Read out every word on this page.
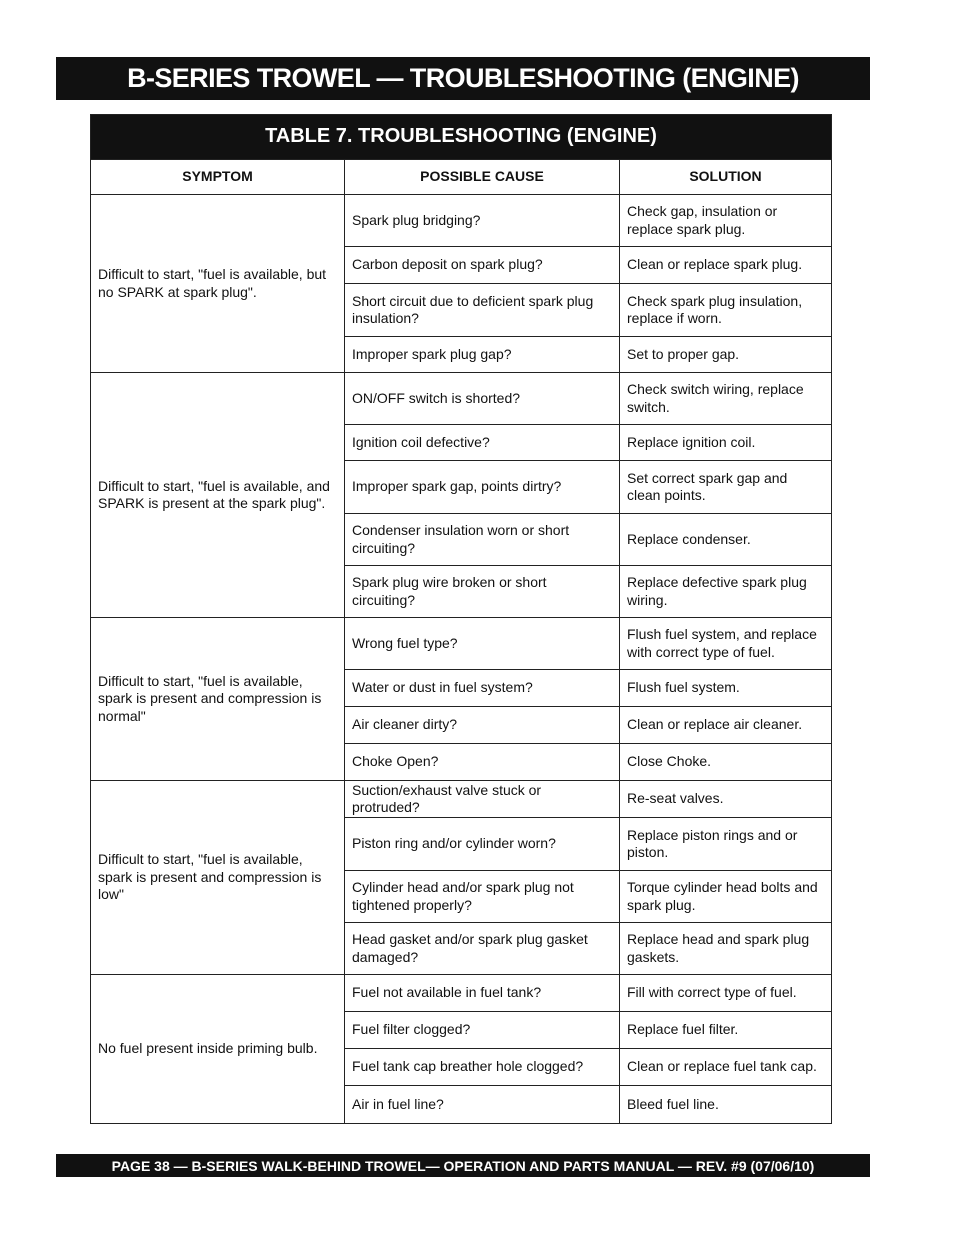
B-SERIES TROWEL — TROUBLESHOOTING (ENGINE)
TABLE 7. TROUBLESHOOTING (ENGINE)		
SYMPTOM	POSSIBLE CAUSE	SOLUTION
Difficult to start, "fuel is available, but no SPARK at spark plug".	Spark plug bridging?	Check gap, insulation or replace spark plug.
	Carbon deposit on spark plug?	Clean or replace spark plug.
	Short circuit due to deficient spark plug insulation?	Check spark plug insulation, replace if worn.
	Improper spark plug gap?	Set to proper gap.
Difficult to start, "fuel is available, and SPARK is present at the spark plug".	ON/OFF switch is shorted?	Check switch wiring, replace switch.
	Ignition coil defective?	Replace ignition coil.
	Improper spark gap, points dirtry?	Set correct spark gap and clean points.
	Condenser insulation worn or short circuiting?	Replace condenser.
	Spark plug wire broken or short circuiting?	Replace defective spark plug wiring.
Difficult to start, "fuel is available, spark is present and compression is normal"	Wrong fuel type?	Flush fuel system, and replace with correct type of fuel.
	Water or dust in fuel system?	Flush fuel system.
	Air cleaner dirty?	Clean or replace air cleaner.
	Choke Open?	Close Choke.
Difficult to start, "fuel is available, spark is present and compression is low"	Suction/exhaust valve stuck or protruded?	Re-seat valves.
	Piston ring and/or cylinder worn?	Replace piston rings and or piston.
	Cylinder head and/or spark plug not tightened properly?	Torque cylinder head bolts and spark plug.
	Head gasket and/or spark plug gasket damaged?	Replace head and spark plug gaskets.
No fuel present inside priming bulb.	Fuel not available in fuel tank?	Fill with correct type of fuel.
	Fuel filter clogged?	Replace fuel filter.
	Fuel tank cap breather hole clogged?	Clean or replace fuel tank cap.
	Air in fuel line?	Bleed fuel line.
PAGE 38 — B-SERIES WALK-BEHIND TROWEL— OPERATION AND PARTS MANUAL — REV. #9 (07/06/10)
